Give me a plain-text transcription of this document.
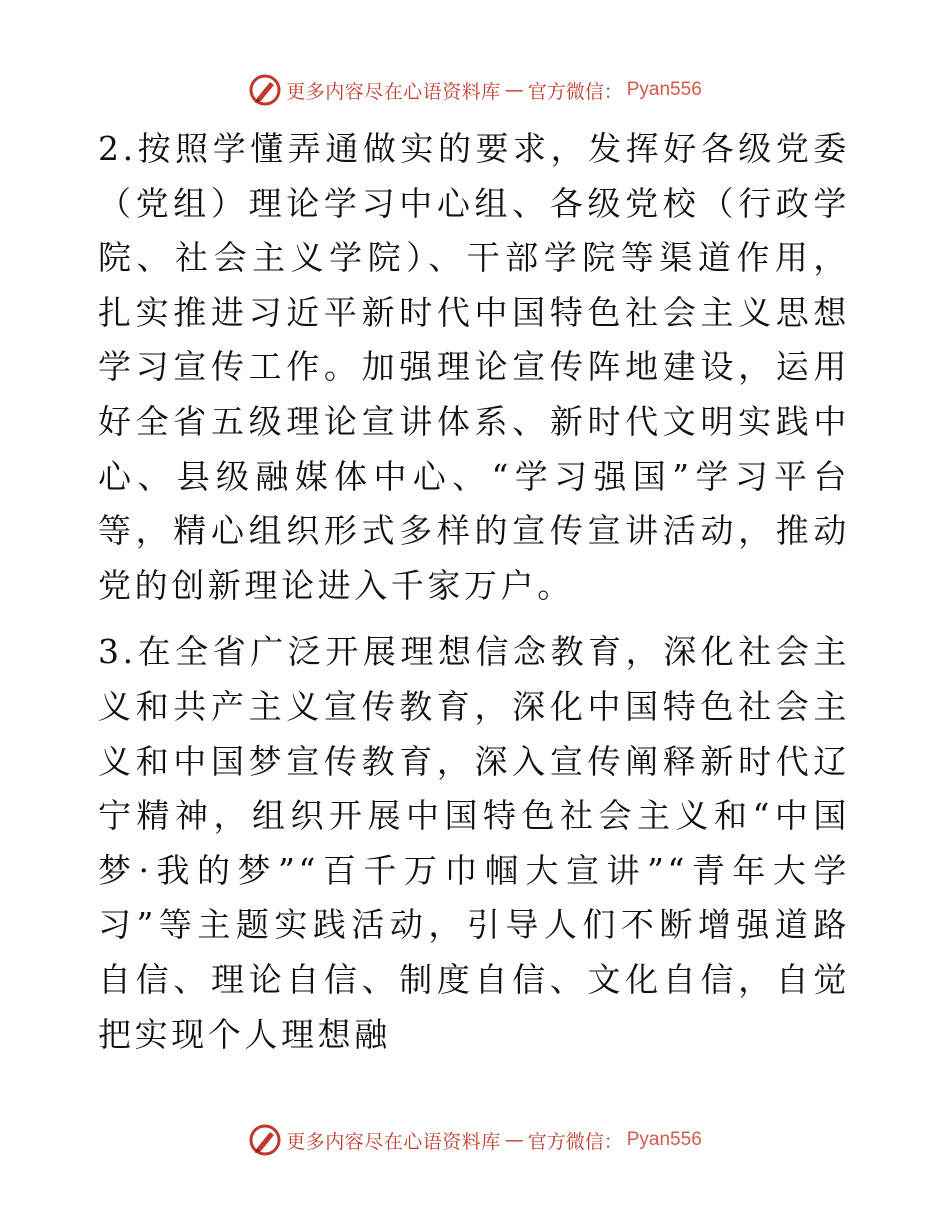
更多内容尽在心语资料库 — 官方微信： Pyan556

2.按照学懂弄通做实的要求，发挥好各级党委（党组）理论学习中心组、各级党校（行政学院、社会主义学院）、干部学院等渠道作用，扎实推进习近平新时代中国特色社会主义思想学习宣传工作。加强理论宣传阵地建设，运用好全省五级理论宣讲体系、新时代文明实践中心、县级融媒体中心、“学习强国”学习平台等，精心组织形式多样的宣传宣讲活动，推动党的创新理论进入千家万户。

3.在全省广泛开展理想信念教育，深化社会主义和共产主义宣传教育，深化中国特色社会主义和中国梦宣传教育，深入宣传阐释新时代辽宁精神，组织开展中国特色社会主义和“中国梦·我的梦”“百千万巾帼大宣讲”“青年大学习”等主题实践活动，引导人们不断增强道路自信、理论自信、制度自信、文化自信，自觉把实现个人理想融

更多内容尽在心语资料库 — 官方微信： Pyan556
